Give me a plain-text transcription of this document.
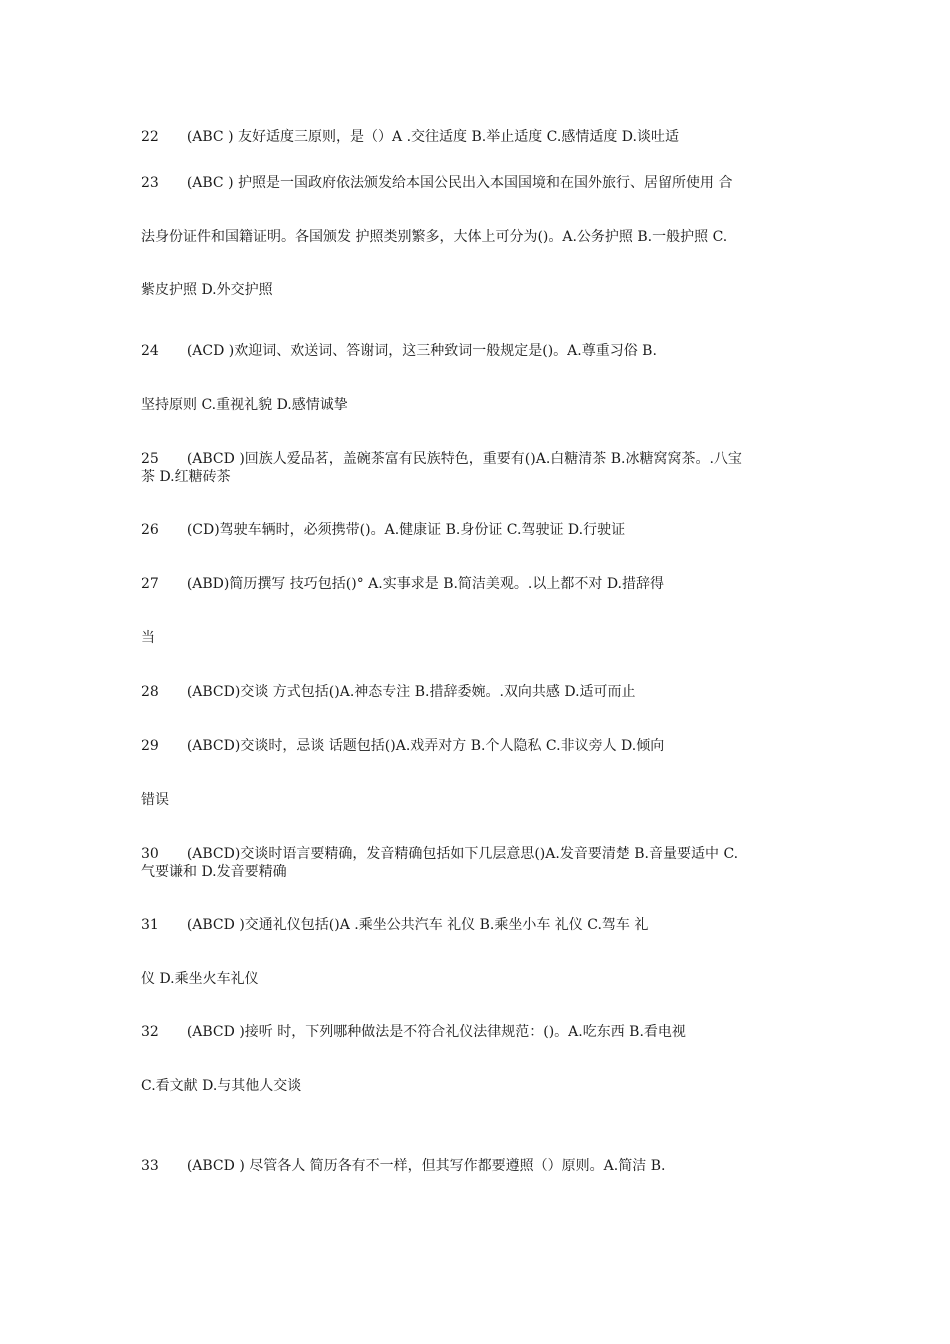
22　　(ABC ) 友好适度三原则，是（）A .交往适度 B.举止适度 C.感情适度 D.谈吐适
23　　(ABC ) 护照是一国政府依法颁发给本国公民出入本国国境和在国外旅行、居留所使用 合
法身份证件和国籍证明。各国颁发 护照类别繁多，大体上可分为()。A.公务护照 B.一般护照 C.
紫皮护照 D.外交护照
24　　(ACD )欢迎词、欢送词、答谢词，这三种致词一般规定是()。A.尊重习俗 B.
坚持原则 C.重视礼貌 D.感情诚挚
25　　(ABCD )回族人爱品茗，盖碗茶富有民族特色，重要有()A.白糖清茶 B.冰糖窝窝茶。.八宝
茶 D.红糖砖茶
26　　(CD)驾驶车辆时，必须携带()。A.健康证 B.身份证 C.驾驶证 D.行驶证
27　　(ABD)简历撰写 技巧包括()° A.实事求是 B.简洁美观。.以上都不对 D.措辞得
当
28　　(ABCD)交谈 方式包括()A.神态专注 B.措辞委婉。.双向共感 D.适可而止
29　　(ABCD)交谈时，忌谈 话题包括()A.戏弄对方 B.个人隐私 C.非议旁人 D.倾向
错误
30　　(ABCD)交谈时语言要精确，发音精确包括如下几层意思()A.发音要清楚 B.音量要适中 C.
气要谦和 D.发音要精确
31　　(ABCD )交通礼仪包括()A .乘坐公共汽车 礼仪 B.乘坐小车 礼仪 C.驾车 礼
仪 D.乘坐火车礼仪
32　　(ABCD )接听 时，下列哪种做法是不符合礼仪法律规范：()。A.吃东西 B.看电视
C.看文献 D.与其他人交谈
33　　(ABCD ) 尽管各人 简历各有不一样，但其写作都要遵照（）原则。A.简洁 B.
